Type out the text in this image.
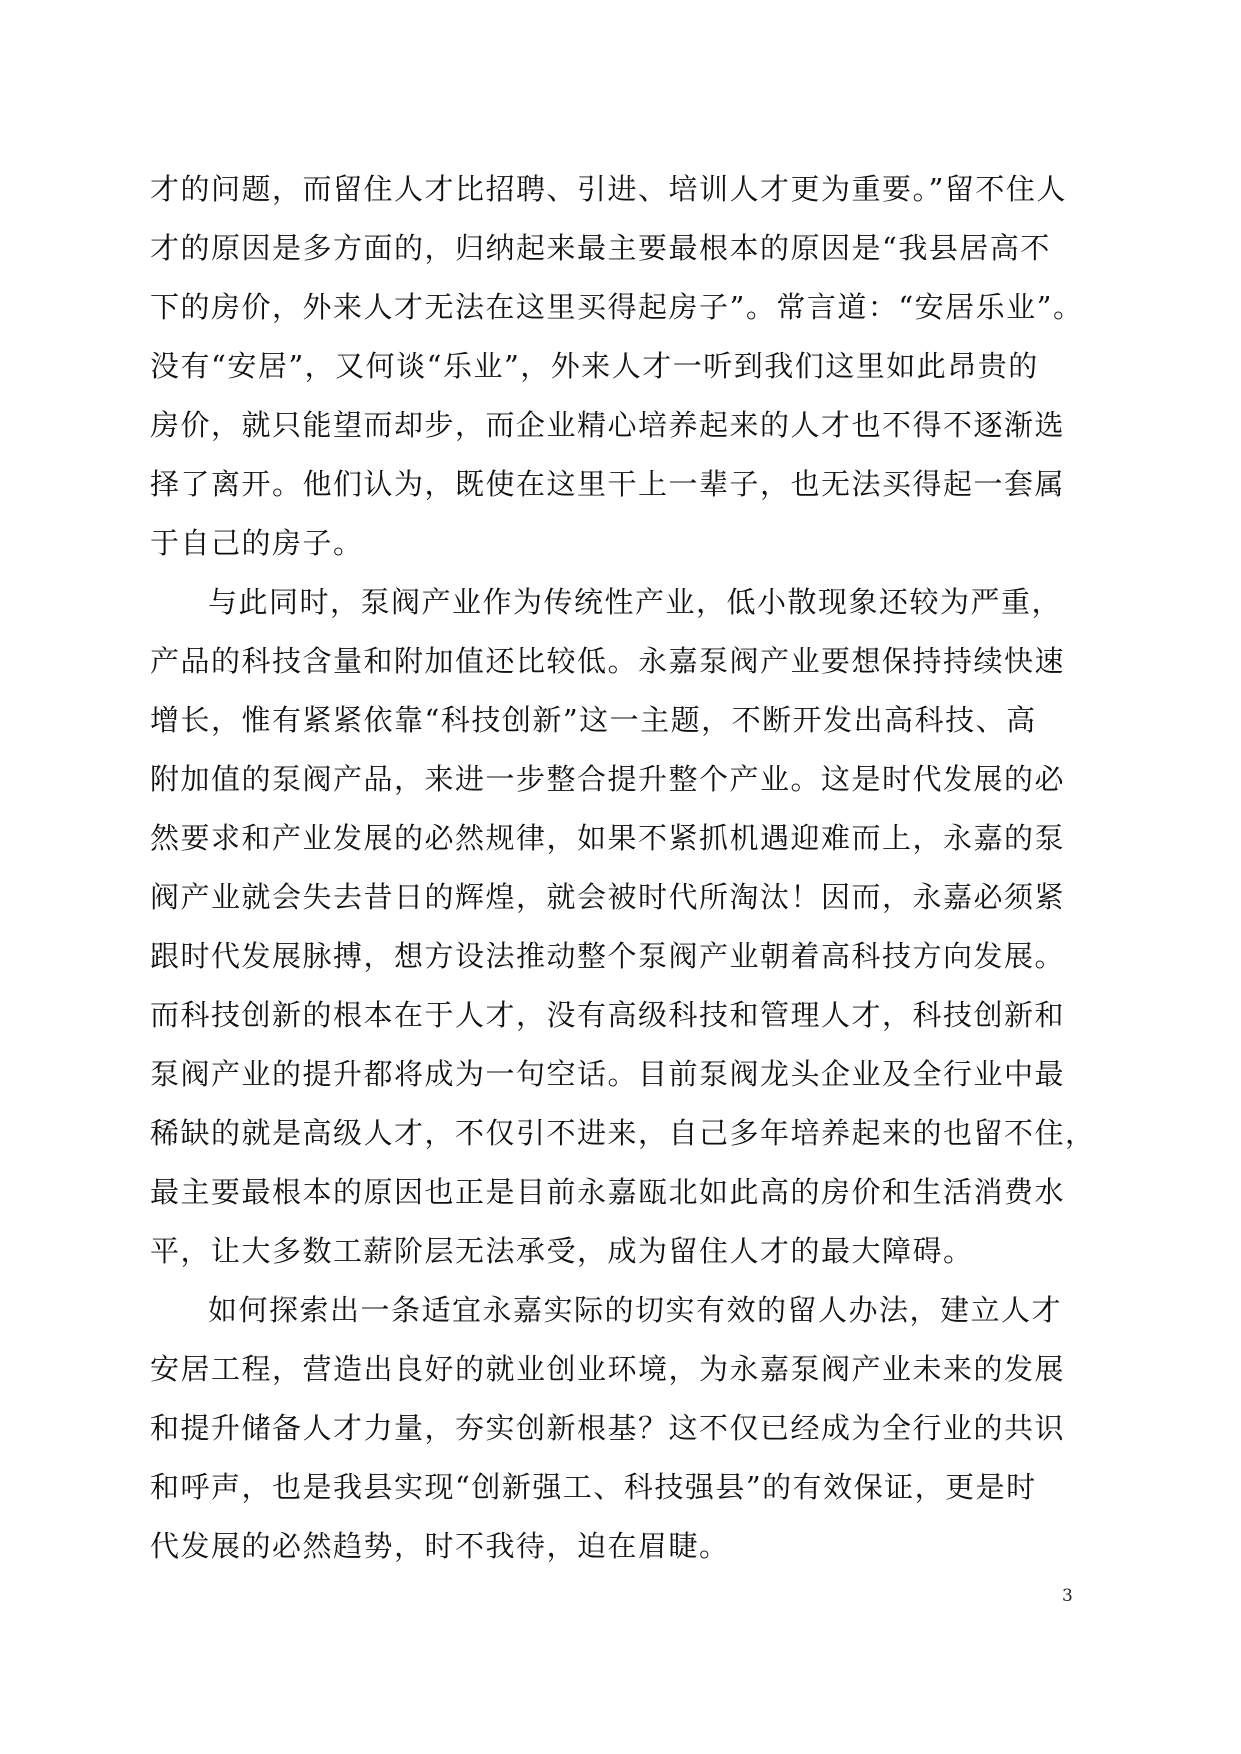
才的问题，而留住人才比招聘、引进、培训人才更为重要。”留不住人
才的原因是多方面的，归纳起来最主要最根本的原因是“我县居高不
下的房价，外来人才无法在这里买得起房子”。常言道：“安居乐业”。
没有“安居”，又何谈“乐业”，外来人才一听到我们这里如此昂贵的
房价，就只能望而却步，而企业精心培养起来的人才也不得不逐渐选
择了离开。他们认为，既使在这里干上一辈子，也无法买得起一套属
于自己的房子。
与此同时，泵阀产业作为传统性产业，低小散现象还较为严重，
产品的科技含量和附加值还比较低。永嘉泵阀产业要想保持持续快速
增长，惟有紧紧依靠“科技创新”这一主题，不断开发出高科技、高
附加值的泵阀产品，来进一步整合提升整个产业。这是时代发展的必
然要求和产业发展的必然规律，如果不紧抓机遇迎难而上，永嘉的泵
阀产业就会失去昔日的辉煌，就会被时代所淘汰！因而，永嘉必须紧
跟时代发展脉搏，想方设法推动整个泵阀产业朝着高科技方向发展。
而科技创新的根本在于人才，没有高级科技和管理人才，科技创新和
泵阀产业的提升都将成为一句空话。目前泵阀龙头企业及全行业中最
稀缺的就是高级人才，不仅引不进来，自己多年培养起来的也留不住，
最主要最根本的原因也正是目前永嘉瓯北如此高的房价和生活消费水
平，让大多数工薪阶层无法承受，成为留住人才的最大障碍。
如何探索出一条适宜永嘉实际的切实有效的留人办法，建立人才
安居工程，营造出良好的就业创业环境，为永嘉泵阀产业未来的发展
和提升储备人才力量，夯实创新根基？这不仅已经成为全行业的共识
和呼声，也是我县实现“创新强工、科技强县”的有效保证，更是时
代发展的必然趋势，时不我待，迫在眉睫。
3
